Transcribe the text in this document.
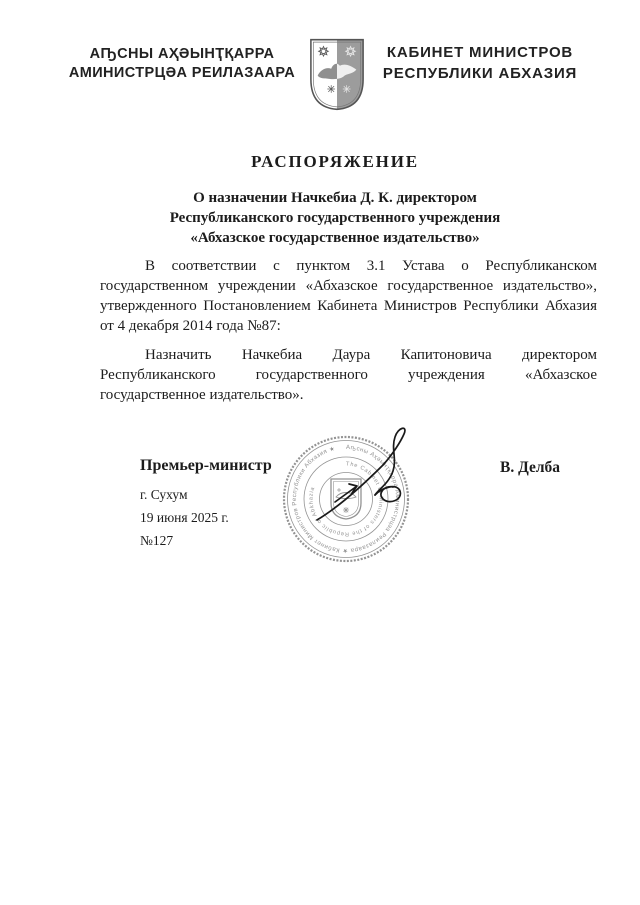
АҦСНЫ АҲӘЫНҬҚАРРА
АМИНИСТРЦӘА РЕИЛАЗААРА
КАБИНЕТ МИНИСТРОВ
РЕСПУБЛИКИ АБХАЗИЯ
РАСПОРЯЖЕНИЕ
О назначении Начкебиа Д. К. директором
Республиканского государственного учреждения
«Абхазское государственное издательство»
В соответствии с пунктом 3.1 Устава о Республиканском
государственном учреждении «Абхазское государственное издательство»,
утвержденного Постановлением Кабинета Министров Республики Абхазия
от 4 декабря 2014 года №87:
Назначить Начкебиа Даура Капитоновича директором
Республиканского государственного учреждения «Абхазское
государственное издательство».
Премьер-министр	В. Делба
Аҧсны Аҳәынҭқарра Аминистрцәа Реилазаара ★ Кабинет Министров Республики Абхазия ★
The Cabinet of Ministers of the Republic of Abkhazia
г. Сухум
19 июня 2025 г.
№127
